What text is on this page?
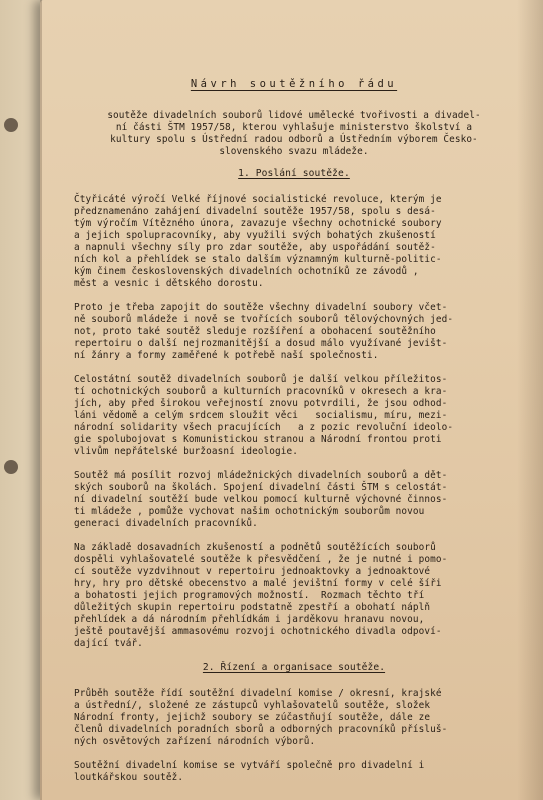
Návrh soutěžního řádu
soutěže divadelních souborů lidové umělecké tvořivosti a divadel-
ní části ŠTM 1957/58, kterou vyhlašuje ministerstvo školství a
kultury spolu s Ústřední radou odborů a Ústředním výborem Česko-
slovenského svazu mládeže.
1. Poslání soutěže.
Čtyřicáté výročí Velké říjnové socialistické revoluce, kterým je
předznamenáno zahájení divadelní soutěže 1957/58, spolu s desá-
tým výročím Vítězného února, zavazuje všechny ochotnické soubory
a jejich spolupracovníky, aby využili svých bohatých zkušeností
a napnuli všechny síly pro zdar soutěže, aby uspořádání soutěž-
ních kol a přehlídek se stalo dalším významným kulturně-politic-
kým činem československých divadelních ochotníků ze závodů ,
měst a vesnic i dětského dorostu.
Proto je třeba zapojit do soutěže všechny divadelní soubory včet-
ně souborů mládeže i nově se tvořících souborů tělovýchovných jed-
not, proto také soutěž sleduje rozšíření a obohacení soutěžního
repertoiru o další nejrozmanitější a dosud málo využívané jevišt-
ní žánry a formy zaměřené k potřebě naší společnosti.
Celostátní soutěž divadelních souborů je další velkou příležitos-
tí ochotnických souborů a kulturních pracovníků v okresech a kra-
jích, aby před širokou veřejností znovu potvrdili, že jsou odhod-
láni vědomě a celým srdcem sloužit věci   socialismu, míru, mezi-
národní solidarity všech pracujících   a z pozic revoluční ideolo-
gie spolubojovat s Komunistickou stranou a Národní frontou proti
vlivům nepřátelské buržoasní ideologie.
Soutěž má posílit rozvoj mládežnických divadelních souborů a dět-
ských souborů na školách. Spojení divadelní části ŠTM s celostát-
ní divadelní soutěží bude velkou pomocí kulturně výchovné činnos-
ti mládeže , pomůže vychovat našim ochotnickým souborům novou
generaci divadelních pracovníků.
Na základě dosavadních zkušeností a podnětů soutěžících souborů
dospěli vyhlašovatelé soutěže k přesvědčení , že je nutné i pomo-
cí soutěže vyzdvihnout v repertoiru jednoaktovky a jednoaktové
hry, hry pro dětské obecenstvo a malé jevištní formy v celé šíři
a bohatosti jejich programových možností.  Rozmach těchto tří
důležitých skupin repertoiru podstatně zpestří a obohatí náplň
přehlídek a dá národním přehlídkám i jarděkovu hranavu novou,
ještě poutavější ammasovému rozvoji ochotnického divadla odpoví-
dající tvář.
2. Řízení a organisace soutěže.
Průběh soutěže řídí soutěžní divadelní komise / okresní, krajské
a ústřední/, složené ze zástupců vyhlašovatelů soutěže, složek
Národní fronty, jejichž soubory se zúčastňují soutěže, dále ze
členů divadelních poradních sborů a odborných pracovníků přísluš-
ných osvětových zařízení národních výborů.
Soutěžní divadelní komise se vytváří společně pro divadelní i
loutkářskou soutěž.
